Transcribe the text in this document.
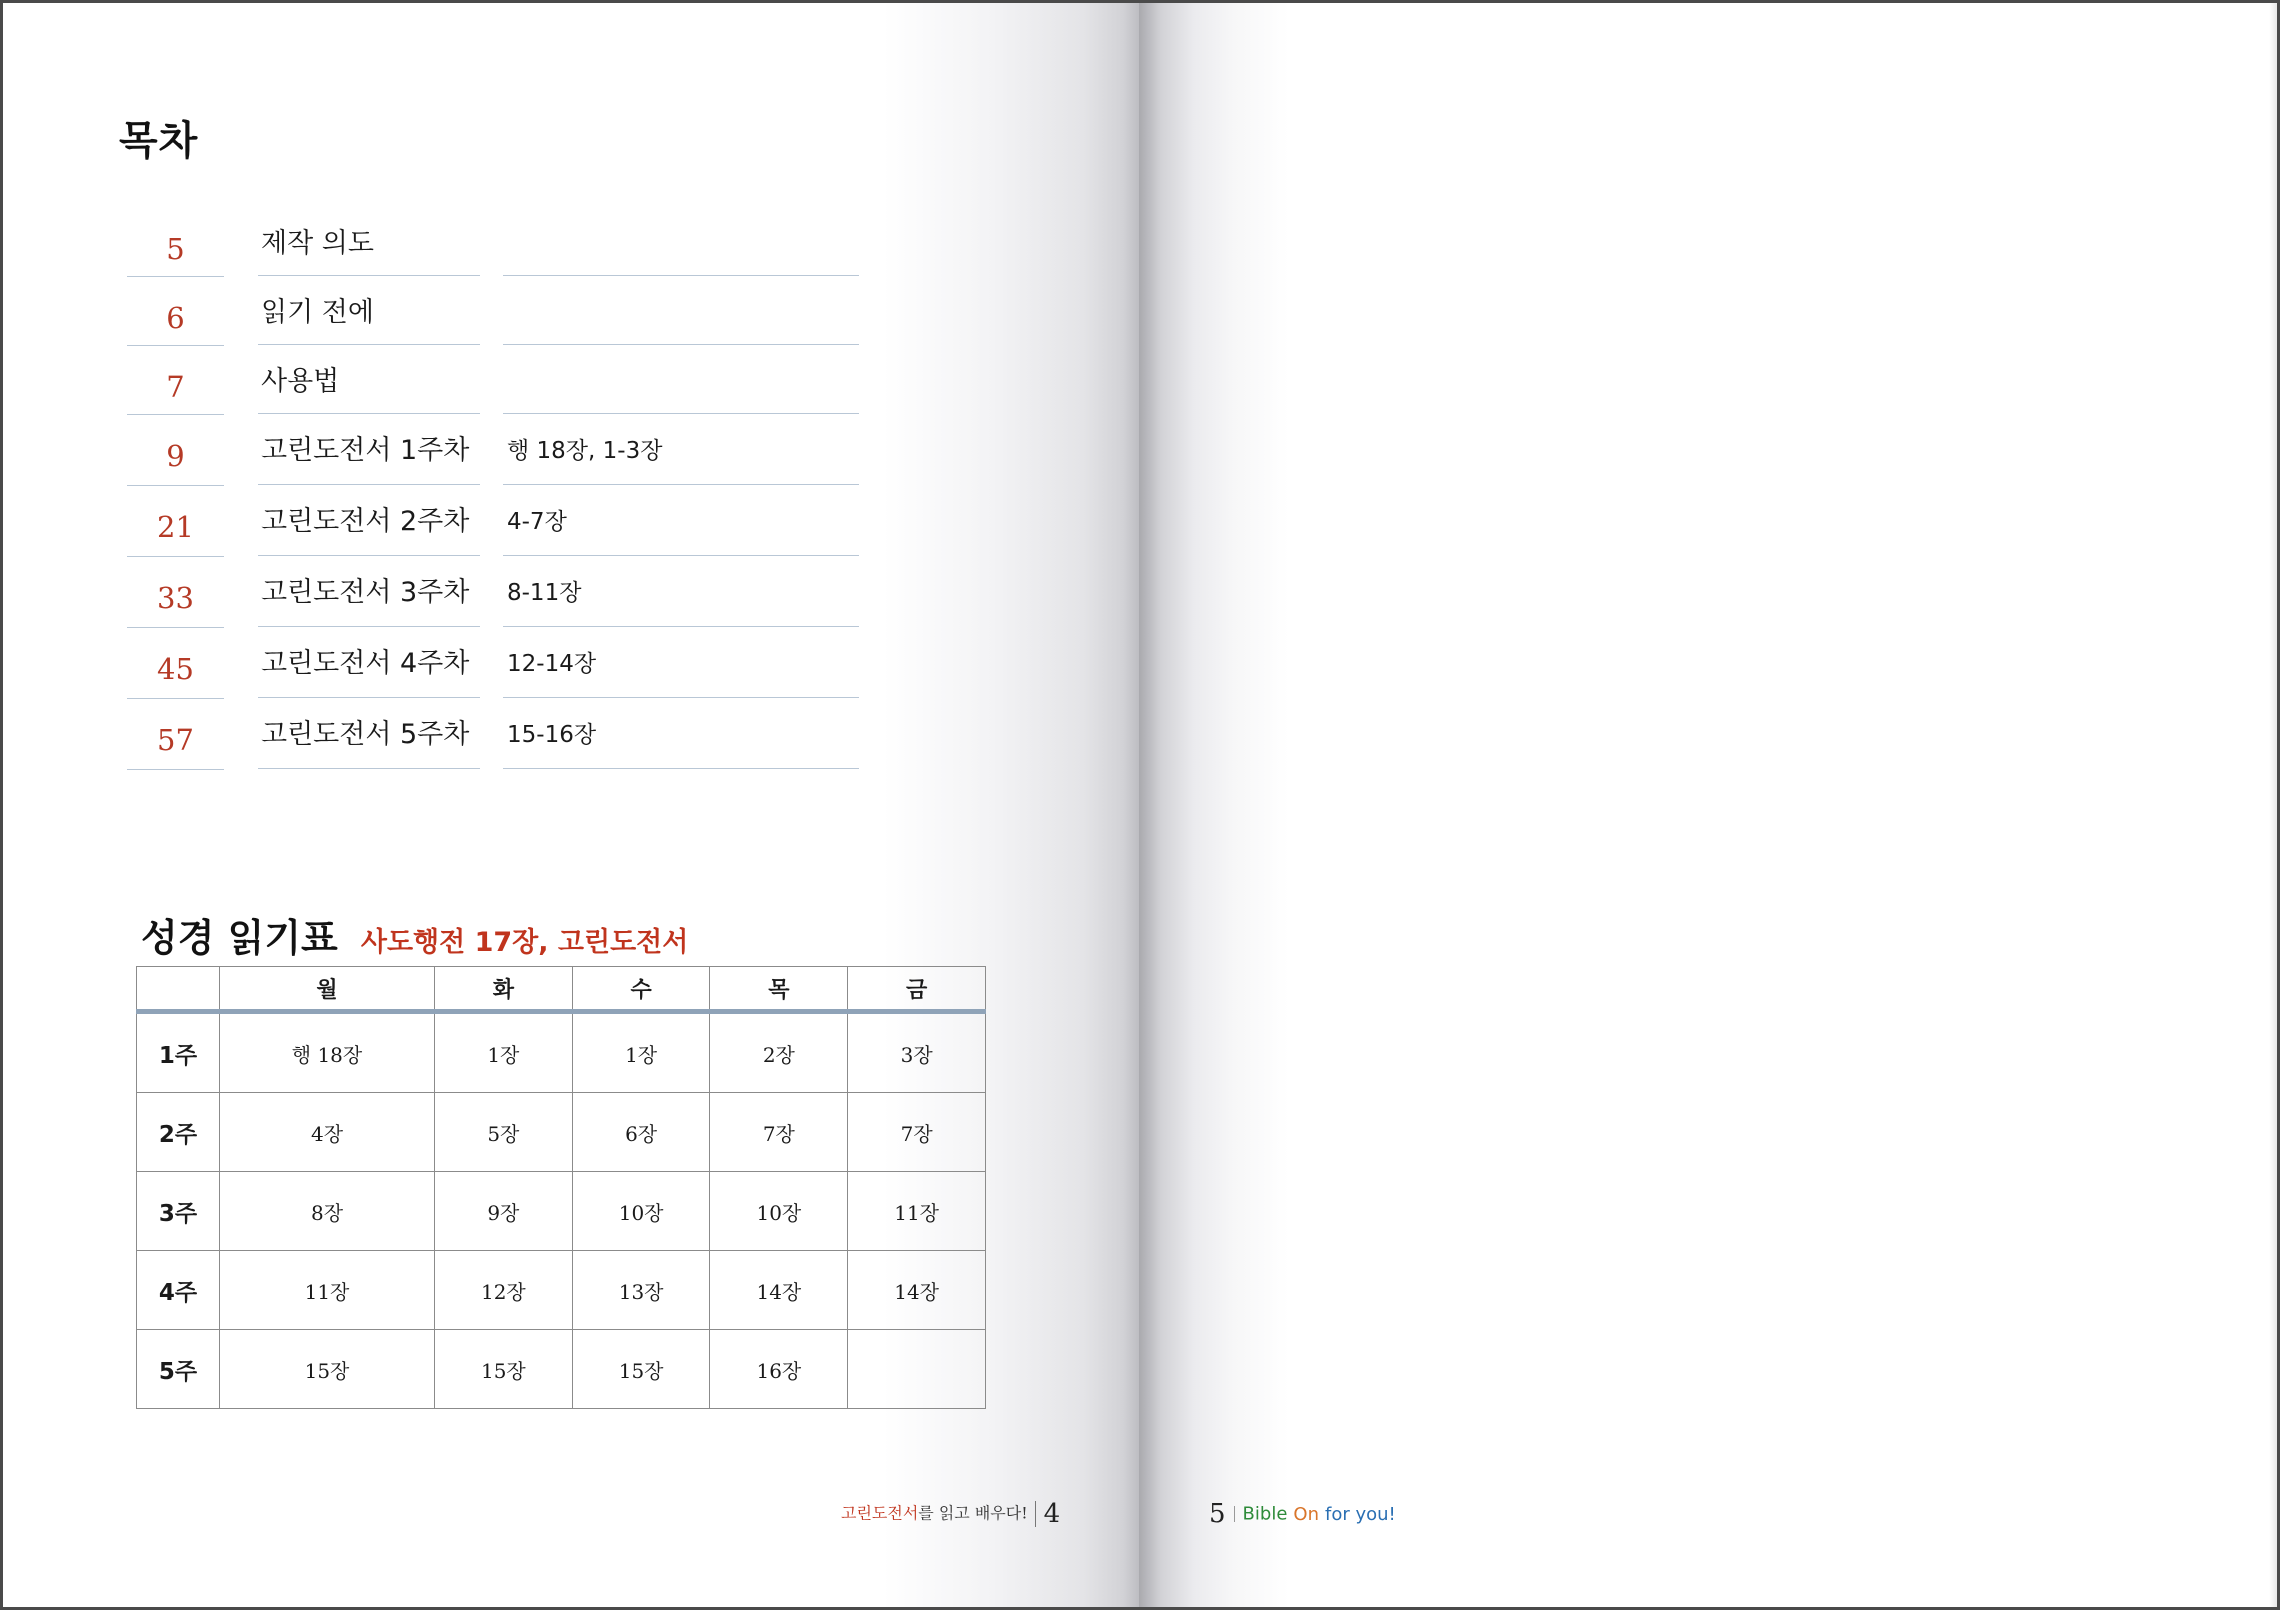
목차
5	제작 의도
6	읽기 전에
7	사용법
9	고린도전서 1주차	행 18장, 1-3장
21	고린도전서 2주차	4-7장
33	고린도전서 3주차	8-11장
45	고린도전서 4주차	12-14장
57	고린도전서 5주차	15-16장
성경 읽기표 사도행전 17장, 고린도전서
	월	화	수	목	금
1주	행 18장	1장	1장	2장	3장
2주	4장	5장	6장	7장	7장
3주	8장	9장	10장	10장	11장
4주	11장	12장	13장	14장	14장
5주	15장	15장	15장	16장	
고린도전서를 읽고 배우다! 4	5 Bible On for you!
